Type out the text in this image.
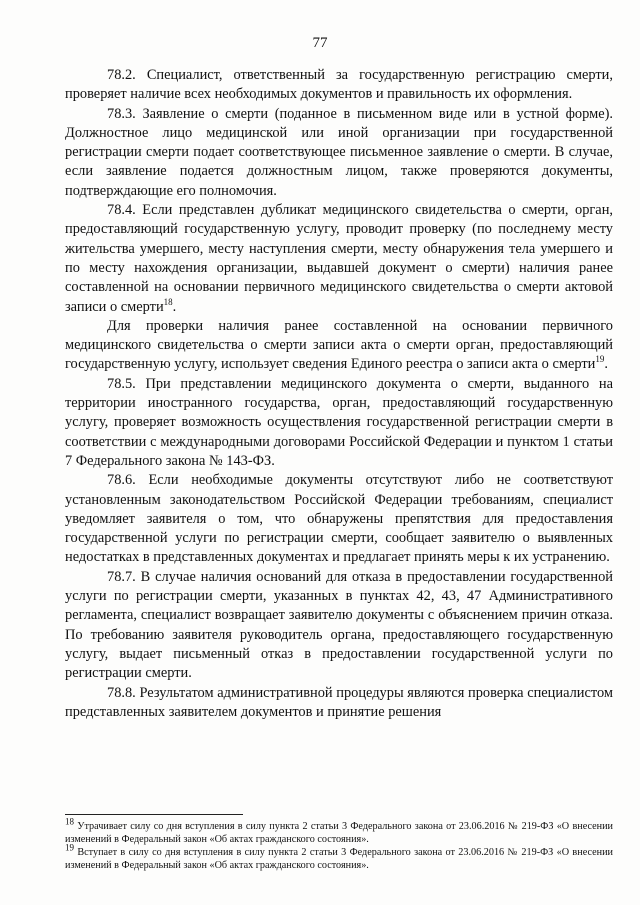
77

78.2. Специалист, ответственный за государственную регистрацию смерти, проверяет наличие всех необходимых документов и правильность их оформления.

78.3. Заявление о смерти (поданное в письменном виде или в устной форме). Должностное лицо медицинской или иной организации при государственной регистрации смерти подает соответствующее письменное заявление о смерти. В случае, если заявление подается должностным лицом, также проверяются документы, подтверждающие его полномочия.

78.4. Если представлен дубликат медицинского свидетельства о смерти, орган, предоставляющий государственную услугу, проводит проверку (по последнему месту жительства умершего, месту наступления смерти, месту обнаружения тела умершего и по месту нахождения организации, выдавшей документ о смерти) наличия ранее составленной на основании первичного медицинского свидетельства о смерти актовой записи о смерти$^{18}$.

Для проверки наличия ранее составленной на основании первичного медицинского свидетельства о смерти записи акта о смерти орган, предоставляющий государственную услугу, использует сведения Единого реестра о записи акта о смерти$^{19}$.

78.5. При представлении медицинского документа о смерти, выданного на территории иностранного государства, орган, предоставляющий государственную услугу, проверяет возможность осуществления государственной регистрации смерти в соответствии с международными договорами Российской Федерации и пунктом 1 статьи 7 Федерального закона № 143-ФЗ.

78.6. Если необходимые документы отсутствуют либо не соответствуют установленным законодательством Российской Федерации требованиям, специалист уведомляет заявителя о том, что обнаружены препятствия для предоставления государственной услуги по регистрации смерти, сообщает заявителю о выявленных недостатках в представленных документах и предлагает принять меры к их устранению.

78.7. В случае наличия оснований для отказа в предоставлении государственной услуги по регистрации смерти, указанных в пунктах 42, 43, 47 Административного регламента, специалист возвращает заявителю документы с объяснением причин отказа. По требованию заявителя руководитель органа, предоставляющего государственную услугу, выдает письменный отказ в предоставлении государственной услуги по регистрации смерти.

78.8. Результатом административной процедуры являются проверка специалистом представленных заявителем документов и принятие решения

$^{18}$ Утрачивает силу со дня вступления в силу пункта 2 статьи 3 Федерального закона от 23.06.2016 № 219-ФЗ «О внесении изменений в Федеральный закон «Об актах гражданского состояния».

$^{19}$ Вступает в силу со дня вступления в силу пункта 2 статьи 3 Федерального закона от 23.06.2016 № 219-ФЗ «О внесении изменений в Федеральный закон «Об актах гражданского состояния».
